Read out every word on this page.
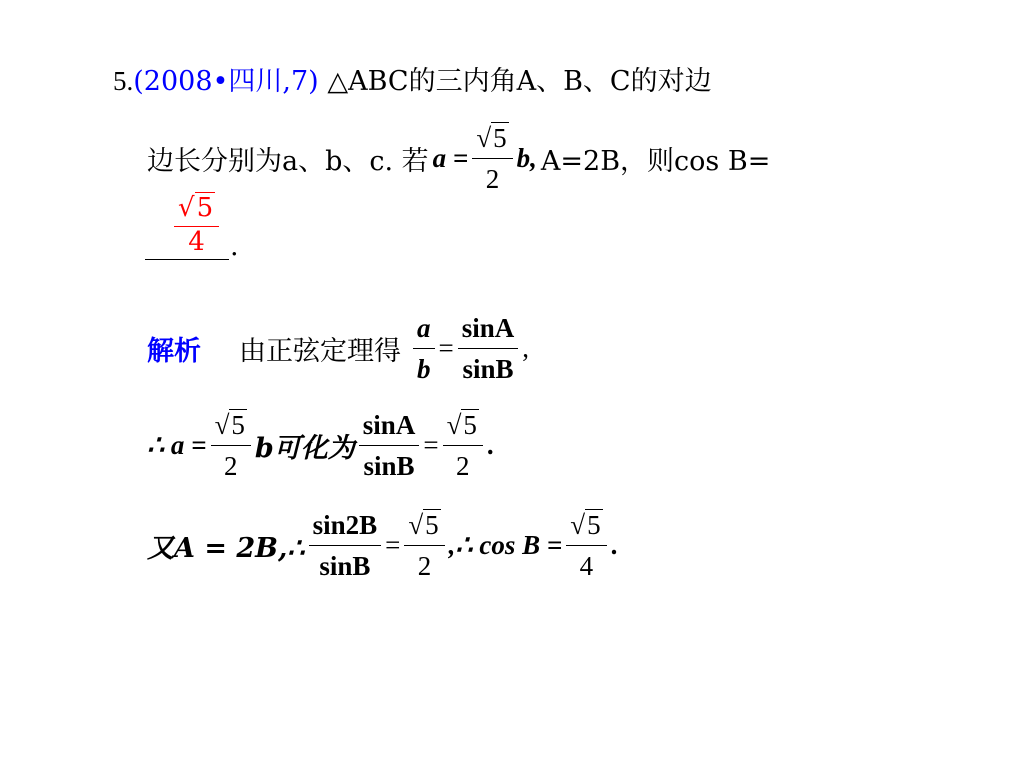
5.(2008•四川,7) △ABC的三内角A、B、C的对边
边长分别为a、b、c. 若 $a = \frac{√5}{2} b$, A=2B，则cos B=
$\frac{√5}{4}$ .
解析 由正弦定理得 $\frac{a}{b} = \frac{\sin A}{\sin B}$ ,
∴ $a = \frac{√5}{2}$ b可化为 $\frac{\sin A}{\sin B} = \frac{√5}{2}$ .
又A = 2B,∴ $\frac{\sin 2B}{\sin B} = \frac{√5}{2}$ ,∴ $\cos B = \frac{√5}{4}$ .
